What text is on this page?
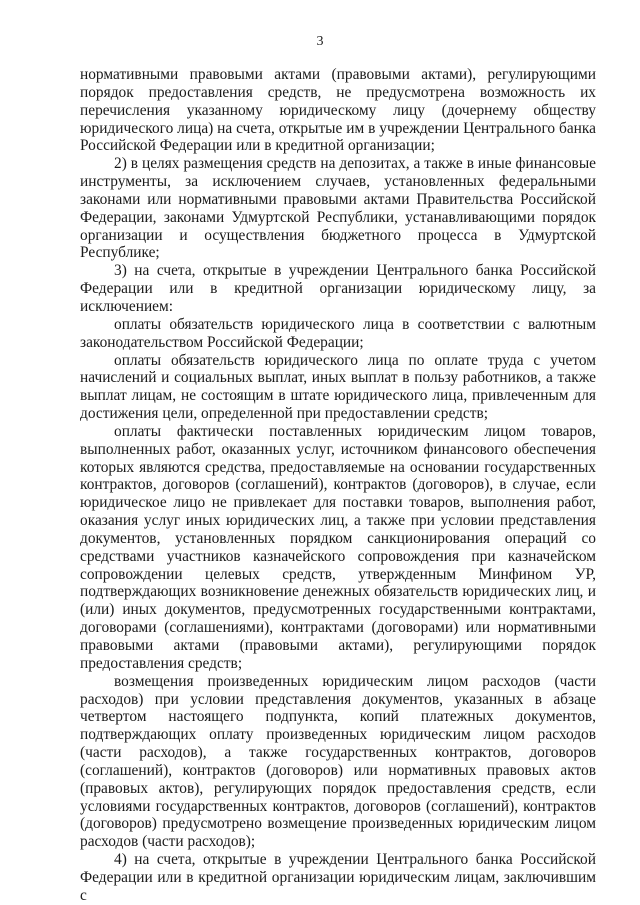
3

нормативными правовыми актами (правовыми актами), регулирующими порядок предоставления средств, не предусмотрена возможность их перечисления указанному юридическому лицу (дочернему обществу юридического лица) на счета, открытые им в учреждении Центрального банка Российской Федерации или в кредитной организации;

2) в целях размещения средств на депозитах, а также в иные финансовые инструменты, за исключением случаев, установленных федеральными законами или нормативными правовыми актами Правительства Российской Федерации, законами Удмуртской Республики, устанавливающими порядок организации и осуществления бюджетного процесса в Удмуртской Республике;

3) на счета, открытые в учреждении Центрального банка Российской Федерации или в кредитной организации юридическому лицу, за исключением:

оплаты обязательств юридического лица в соответствии с валютным законодательством Российской Федерации;

оплаты обязательств юридического лица по оплате труда с учетом начислений и социальных выплат, иных выплат в пользу работников, а также выплат лицам, не состоящим в штате юридического лица, привлеченным для достижения цели, определенной при предоставлении средств;

оплаты фактически поставленных юридическим лицом товаров, выполненных работ, оказанных услуг, источником финансового обеспечения которых являются средства, предоставляемые на основании государственных контрактов, договоров (соглашений), контрактов (договоров), в случае, если юридическое лицо не привлекает для поставки товаров, выполнения работ, оказания услуг иных юридических лиц, а также при условии представления документов, установленных порядком санкционирования операций со средствами участников казначейского сопровождения при казначейском сопровождении целевых средств, утвержденным Минфином УР, подтверждающих возникновение денежных обязательств юридических лиц, и (или) иных документов, предусмотренных государственными контрактами, договорами (соглашениями), контрактами (договорами) или нормативными правовыми актами (правовыми актами), регулирующими порядок предоставления средств;

возмещения произведенных юридическим лицом расходов (части расходов) при условии представления документов, указанных в абзаце четвертом настоящего подпункта, копий платежных документов, подтверждающих оплату произведенных юридическим лицом расходов (части расходов), а также государственных контрактов, договоров (соглашений), контрактов (договоров) или нормативных правовых актов (правовых актов), регулирующих порядок предоставления средств, если условиями государственных контрактов, договоров (соглашений), контрактов (договоров) предусмотрено возмещение произведенных юридическим лицом расходов (части расходов);

4) на счета, открытые в учреждении Центрального банка Российской Федерации или в кредитной организации юридическим лицам, заключившим с
